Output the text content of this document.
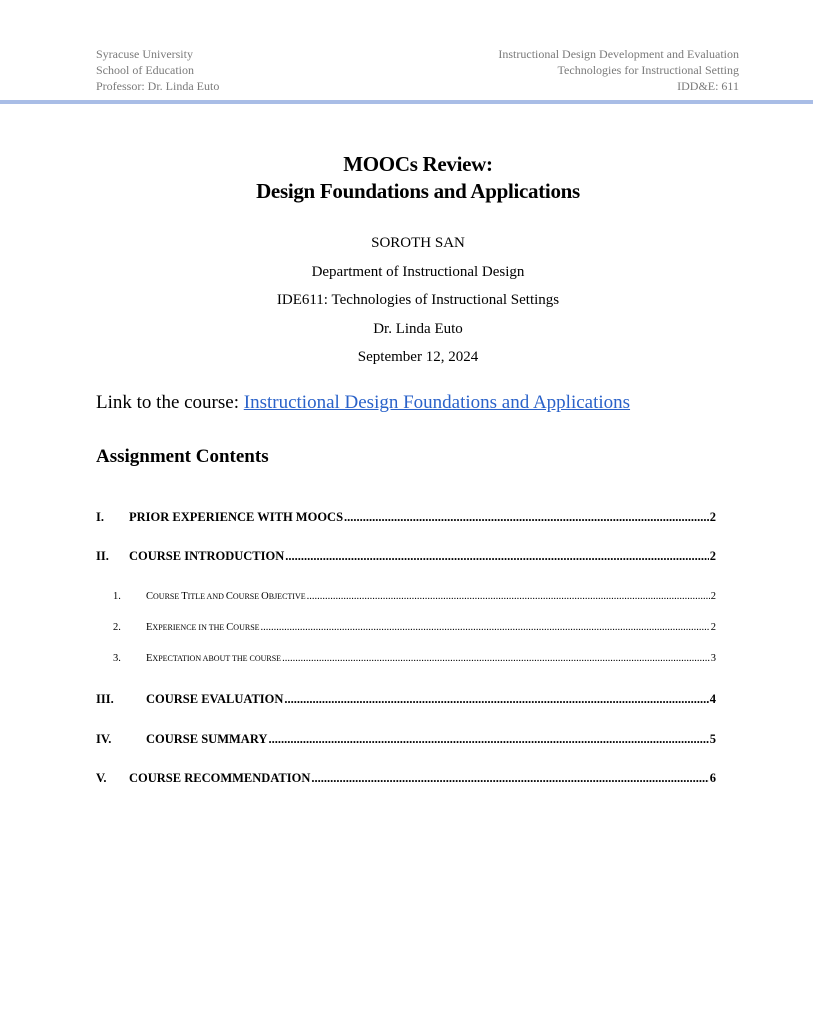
Syracuse University
School of Education
Professor: Dr. Linda Euto
Instructional Design Development and Evaluation
Technologies for Instructional Setting
IDD&E: 611
MOOCs Review:
Design Foundations and Applications
SOROTH SAN
Department of Instructional Design
IDE611: Technologies of Instructional Settings
Dr. Linda Euto
September 12, 2024
Link to the course: Instructional Design Foundations and Applications
Assignment Contents
I.	PRIOR EXPERIENCE WITH MOOCS .....	2
II.	COURSE INTRODUCTION .....	2
1.	COURSE TITLE AND COURSE OBJECTIVE .....	2
2.	EXPERIENCE IN THE COURSE .....	2
3.	EXPECTATION ABOUT THE COURSE .....	3
III.	COURSE EVALUATION .....	4
IV.	COURSE SUMMARY .....	5
V.	COURSE RECOMMENDATION .....	6
